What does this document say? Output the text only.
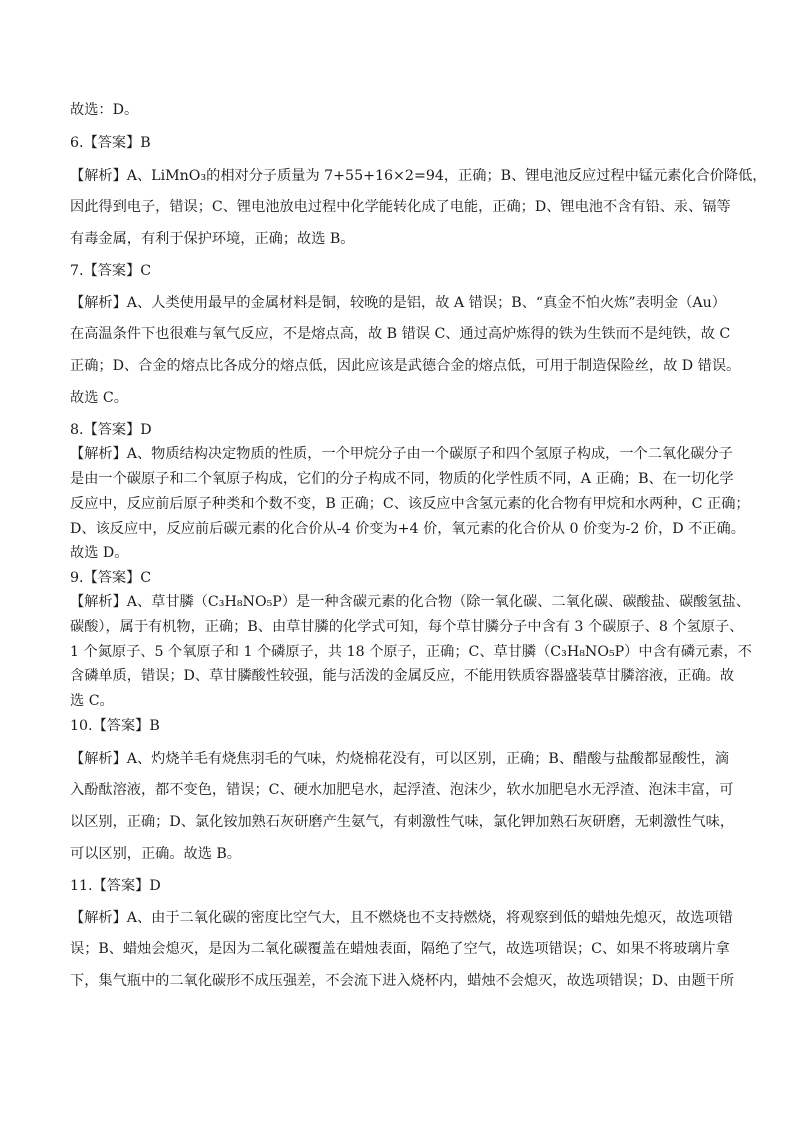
故选：D。
6.【答案】B
【解析】A、LiMnO₃的相对分子质量为 7+55+16×2=94，正确；B、锂电池反应过程中锰元素化合价降低，
因此得到电子，错误；C、锂电池放电过程中化学能转化成了电能，正确；D、锂电池不含有铅、汞、镉等
有毒金属，有利于保护环境，正确；故选 B。
7.【答案】C
【解析】A、人类使用最早的金属材料是铜，较晚的是铝，故 A 错误；B、“真金不怕火炼”表明金（Au）
在高温条件下也很难与氧气反应，不是熔点高，故 B 错误 C、通过高炉炼得的铁为生铁而不是纯铁，故 C
正确；D、合金的熔点比各成分的熔点低，因此应该是武德合金的熔点低，可用于制造保险丝，故 D 错误。
故选 C。
8.【答案】D
【解析】A、物质结构决定物质的性质，一个甲烷分子由一个碳原子和四个氢原子构成，一个二氧化碳分子
是由一个碳原子和二个氧原子构成，它们的分子构成不同，物质的化学性质不同，A 正确；B、在一切化学
反应中，反应前后原子种类和个数不变，B 正确；C、该反应中含氢元素的化合物有甲烷和水两种，C 正确；
D、该反应中，反应前后碳元素的化合价从-4 价变为+4 价，氧元素的化合价从 0 价变为-2 价，D 不正确。
故选 D。
9.【答案】C
【解析】A、草甘膦（C₃H₈NO₅P）是一种含碳元素的化合物（除一氧化碳、二氧化碳、碳酸盐、碳酸氢盐、
碳酸），属于有机物，正确；B、由草甘膦的化学式可知，每个草甘膦分子中含有 3 个碳原子、8 个氢原子、
1 个氮原子、5 个氧原子和 1 个磷原子，共 18 个原子，正确；C、草甘膦（C₃H₈NO₅P）中含有磷元素，不
含磷单质，错误；D、草甘膦酸性较强，能与活泼的金属反应，不能用铁质容器盛装草甘膦溶液，正确。故
选 C。
10.【答案】B
【解析】A、灼烧羊毛有烧焦羽毛的气味，灼烧棉花没有，可以区别，正确；B、醋酸与盐酸都显酸性，滴
入酚酞溶液，都不变色，错误；C、硬水加肥皂水，起浮渣、泡沫少，软水加肥皂水无浮渣、泡沫丰富，可
以区别，正确；D、氯化铵加熟石灰研磨产生氨气，有刺激性气味，氯化钾加熟石灰研磨，无刺激性气味，
可以区别，正确。故选 B。
11.【答案】D
【解析】A、由于二氧化碳的密度比空气大，且不燃烧也不支持燃烧，将观察到低的蜡烛先熄灭，故选项错
误；B、蜡烛会熄灭，是因为二氧化碳覆盖在蜡烛表面，隔绝了空气，故选项错误；C、如果不将玻璃片拿
下，集气瓶中的二氧化碳形不成压强差，不会流下进入烧杯内，蜡烛不会熄灭，故选项错误；D、由题干所
